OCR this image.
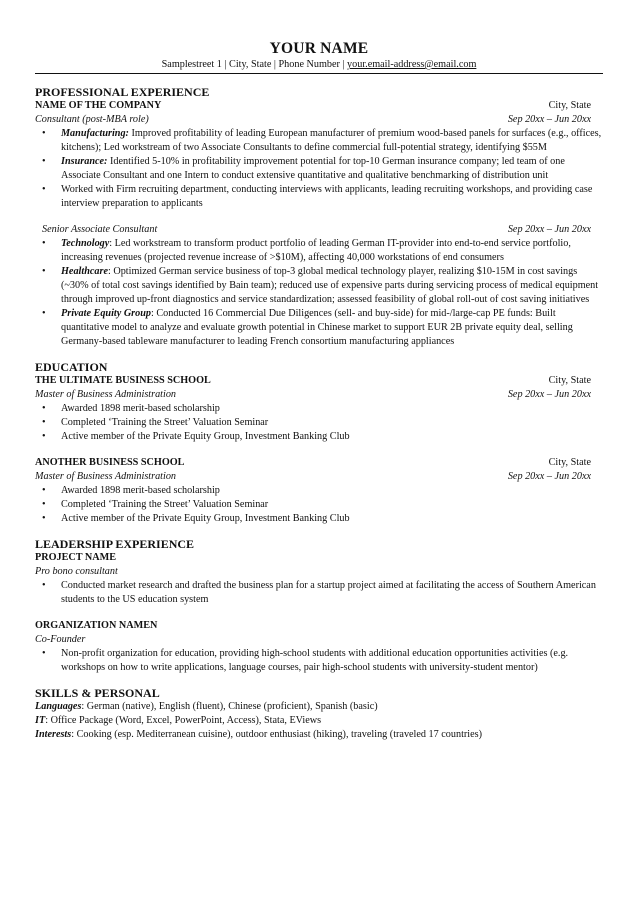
YOUR NAME
Samplestreet 1 | City, State | Phone Number | your.email-address@email.com
PROFESSIONAL EXPERIENCE
NAME OF THE COMPANY	City, State
Consultant (post-MBA role)	Sep 20xx – Jun 20xx
• Manufacturing: Improved profitability of leading European manufacturer of premium wood-based panels for surfaces (e.g., offices, kitchens); Led workstream of two Associate Consultants to define commercial full-potential strategy, identifying $55M
• Insurance: Identified 5-10% in profitability improvement potential for top-10 German insurance company; led team of one Associate Consultant and one Intern to conduct extensive quantitative and qualitative benchmarking of distribution unit
• Worked with Firm recruiting department, conducting interviews with applicants, leading recruiting workshops, and providing case interview preparation to applicants
Senior Associate Consultant	Sep 20xx – Jun 20xx
• Technology: Led workstream to transform product portfolio of leading German IT-provider into end-to-end service portfolio, increasing revenues (projected revenue increase of >$10M), affecting 40,000 workstations of end consumers
• Healthcare: Optimized German service business of top-3 global medical technology player, realizing $10-15M in cost savings (~30% of total cost savings identified by Bain team); reduced use of expensive parts during servicing process of medical equipment through improved up-front diagnostics and service standardization; assessed feasibility of global roll-out of cost saving initiatives
• Private Equity Group: Conducted 16 Commercial Due Diligences (sell- and buy-side) for mid-/large-cap PE funds: Built quantitative model to analyze and evaluate growth potential in Chinese market to support EUR 2B private equity deal, selling Germany-based tableware manufacturer to leading French consortium manufacturing appliances
EDUCATION
THE ULTIMATE BUSINESS SCHOOL	City, State
Master of Business Administration	Sep 20xx – Jun 20xx
• Awarded 1898 merit-based scholarship
• Completed ‘Training the Street’ Valuation Seminar
• Active member of the Private Equity Group, Investment Banking Club
ANOTHER BUSINESS SCHOOL	City, State
Master of Business Administration	Sep 20xx – Jun 20xx
• Awarded 1898 merit-based scholarship
• Completed ‘Training the Street’ Valuation Seminar
• Active member of the Private Equity Group, Investment Banking Club
LEADERSHIP EXPERIENCE
PROJECT NAME
Pro bono consultant
• Conducted market research and drafted the business plan for a startup project aimed at facilitating the access of Southern American students to the US education system
ORGANIZATION NAMEN
Co-Founder
• Non-profit organization for education, providing high-school students with additional education opportunities activities (e.g. workshops on how to write applications, language courses, pair high-school students with university-student mentor)
SKILLS & PERSONAL
Languages: German (native), English (fluent), Chinese (proficient), Spanish (basic)
IT: Office Package (Word, Excel, PowerPoint, Access), Stata, EViews
Interests: Cooking (esp. Mediterranean cuisine), outdoor enthusiast (hiking), traveling (traveled 17 countries)
